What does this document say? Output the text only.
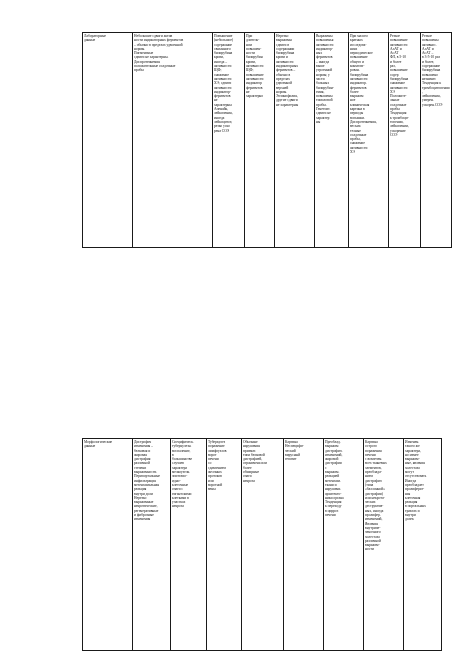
Лабораторные
данные	Небольшие сдвиги актив
ности индикаторных ферментов
– обычно в пределах удвоенной
нормы.
Пигментные
сдвиги не характерны.
Диспротеинемия
положительные осадочные
пробы	Повышение
(небольшое)
содержание
связанного
билирубина
крови,
иногда –
активности
ЩФ;
снижение
активности
ХЭ; сдвиги
активности
индикатор-
ферментов
не
характерны
Апенайк,
лейкопения,
иногда
лейкоцитоз;
резко уско
рена СОЭ	При
длитель-
ном
повышен-
ности
билирубин
крови,
активности
ЩФ;
повышение
активности
индикатор
ферментов
не
характерно	Нерезко
выражены
сдвиги в
содержании
билирубина
крови и
активности
индикаторных
ферментов –
обычно в
пределах
удвоенной
верхней
нормы.
Эозинофилия,
другие сдвиги
не характерны	Выражены
повышенья
активности
индикатор-
ных
ферментов
– иногда
выше
утроенной
нормы; у
части
больных
билирубин-
емия,
повышены
тимоловой
пробы.
Генетоит.
сдвиги не
характер
ны	При малого
кратных
исследова-
ниях
периодическое
повышение
общего и
конъюги-
рован.
билирубина
активности
индикатор.
ферментов
более
выражен
ное
клиническая
картина в
периоды
вспышки.
Диспротеинемия,
весьма
телные
осадочные
пробы,
снижение
активности
ХЭ	Резкое
повышение
активности
АлАТ и
АсАТ
ФЛ, в 5-10
и более
раз,
повышение
содер
билирубина
снижение
активности
ХЭ
Положите-
льные
осадочные
пробы
Тенденция
к тромбоци-
топении,
лейкопении,
ускорение
СОЭ	Резкое
повышены
активнос.
АлАТ и
АсАТ –
в 3-5-10 раз
и более,
содержание
билирубина
повышено
незначит.
Тенденция к
тромбоцитопении,
лейкопения,
умерен.
ускорен.СОЭ
Морфологические
данные	Дистрофич
изменения –
белковая и
жировая
дистрофия
различной
степени
выраженности.
Перипортальные
инфильтрация
мезенхимальная
реакция
внутри доли
Нерезко
выраженные
некротические,
регенеративные
и фиброзные
изменения	Специфическ.
туберкулезн.
воспаление,
в
большинстве
случаев
характера
мелкоузелк.
эпителио-
идно-
клеточные
очаги с
гигантскими
клетками в
участках
некроза	Туберкулез
поражение
лимфоузлов
ворот
печени
со
сдавлением
желчных
протоков
или
воротной
вены	Обычные
нарушения
призмат.
типа белковой
дистрофией,
ограничена или
более
обширные
очаги
некроза	Картина
Неспецифи-
ческий
вирусный
гепатит	Преоблад.
выражен
дистрофич.
изменений,
жировой
дистрофии
с
выражен.
реакцией
мезенхим.
ткани и
нарушени.
архитекто-
ники органа
Тенденция
к переходу
в цирроз
печени	Картина
острого
поражения
печени
с вовлечен.
всех тканевых
элементов,
преоблада-
нием
дистрофич
(типа
«баллонной»
дистрофии)
или некрота-
ческих
деструктив-
ных, иногда
пролифер.
изменений,
Явления
внутрипе-
ченочного
холестаза
различной
выражен-
ности	Изменен.
такого же
характера,
но менее
выражен-
ные, явления
холестаза
могут
отсутствовать
Иногда
преобладает
пролиферат-
ная
клеточная
реакция
в портальных
трактах и
внутри
долек
